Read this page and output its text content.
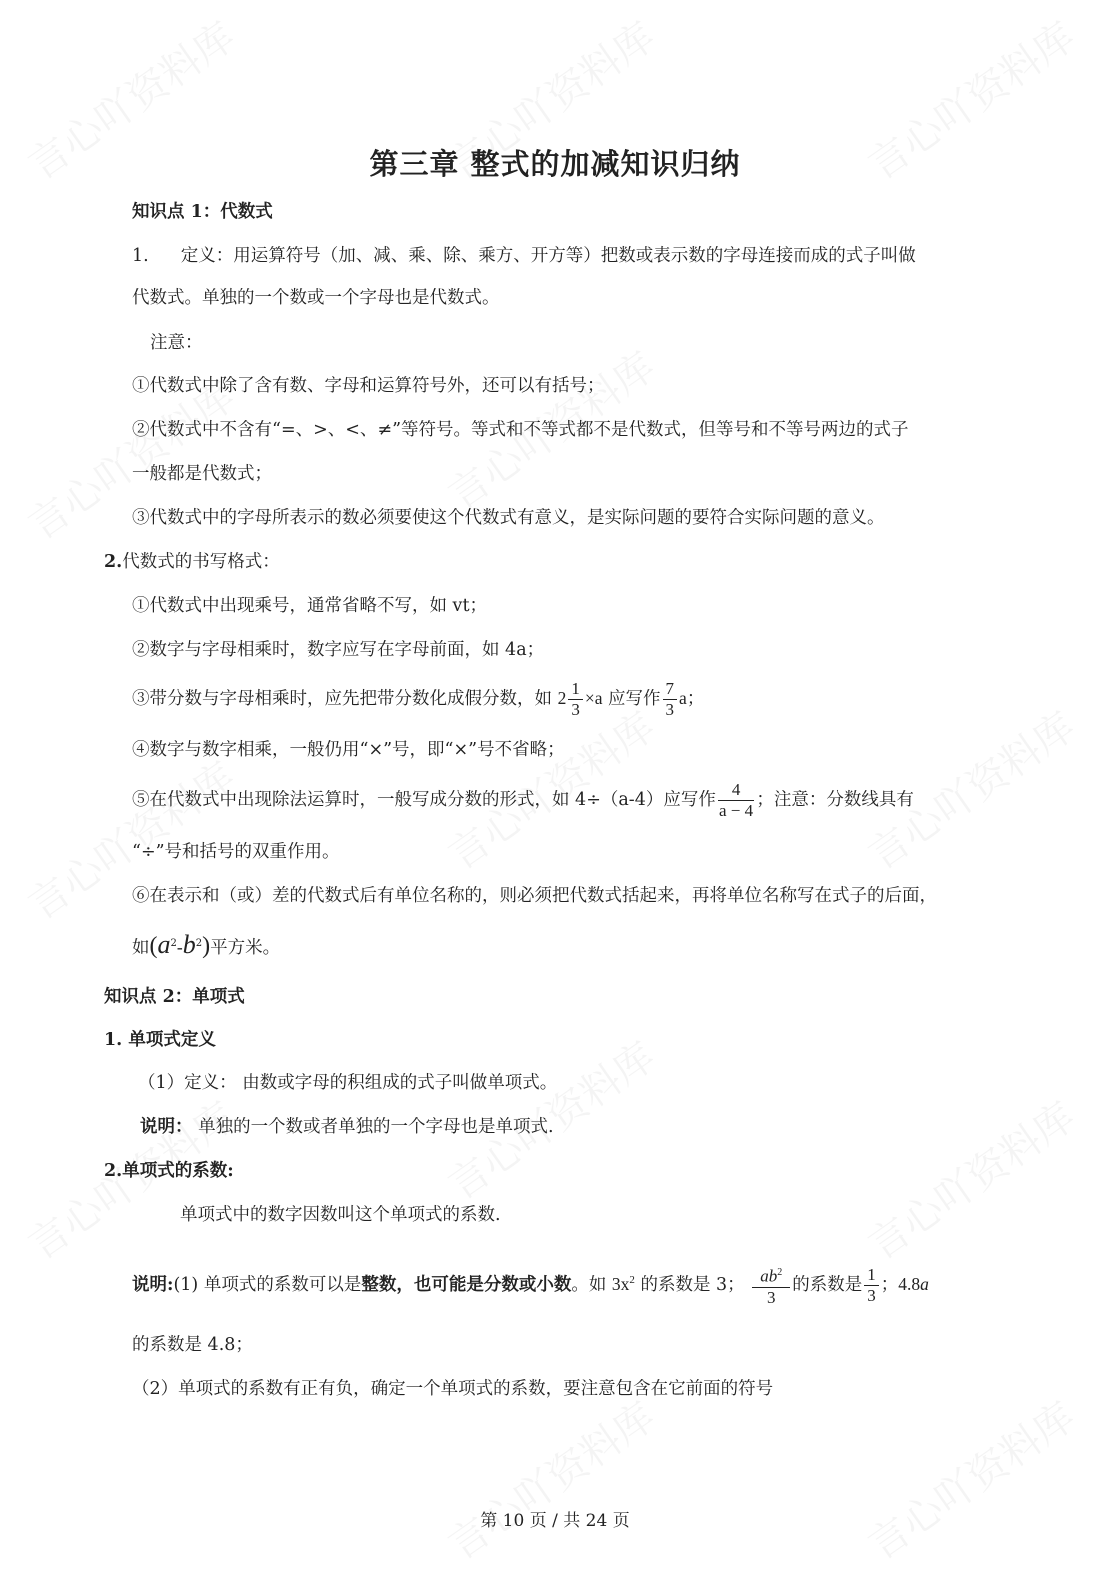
第三章 整式的加减知识归纳
知识点 1：代数式
1. 定义：用运算符号（加、减、乘、除、乘方、开方等）把数或表示数的字母连接而成的式子叫做
代数式。单独的一个数或一个字母也是代数式。
注意：
①代数式中除了含有数、字母和运算符号外，还可以有括号；
②代数式中不含有“=、>、<、≠”等符号。等式和不等式都不是代数式，但等号和不等号两边的式子
一般都是代数式；
③代数式中的字母所表示的数必须要使这个代数式有意义，是实际问题的要符合实际问题的意义。
2.代数式的书写格式：
①代数式中出现乘号，通常省略不写，如 vt；
②数字与字母相乘时，数字应写在字母前面，如 4a；
③带分数与字母相乘时，应先把带分数化成假分数，如 $2 \frac{1}{3} \times a$ 应写作 $\frac{7}{3}$ a；
④数字与数字相乘，一般仍用“×”号，即“×”号不省略；
⑤在代数式中出现除法运算时，一般写成分数的形式，如 4÷（a-4）应写作 $\frac{4}{a - 4}$ ；注意：分数线具有
“÷”号和括号的双重作用。
⑥在表示和（或）差的代数式后有单位名称的，则必须把代数式括起来，再将单位名称写在式子的后面，
如$(a^2-b^2)$平方米。
知识点 2：单项式
1. 单项式定义
（1）定义： 由数或字母的积组成的式子叫做单项式。
说明： 单独的一个数或者单独的一个字母也是单项式.
2.单项式的系数:
单项式中的数字因数叫这个单项式的系数.
说明:(1) 单项式的系数可以是整数，也可能是分数或小数。如 $3x^2$ 的系数是 3； $\frac{ab^2}{3}$ 的系数是 $\frac{1}{3}$ ；4.8a
的系数是 4.8；
（2）单项式的系数有正有负，确定一个单项式的系数，要注意包含在它前面的符号
第 10 页 / 共 24 页
